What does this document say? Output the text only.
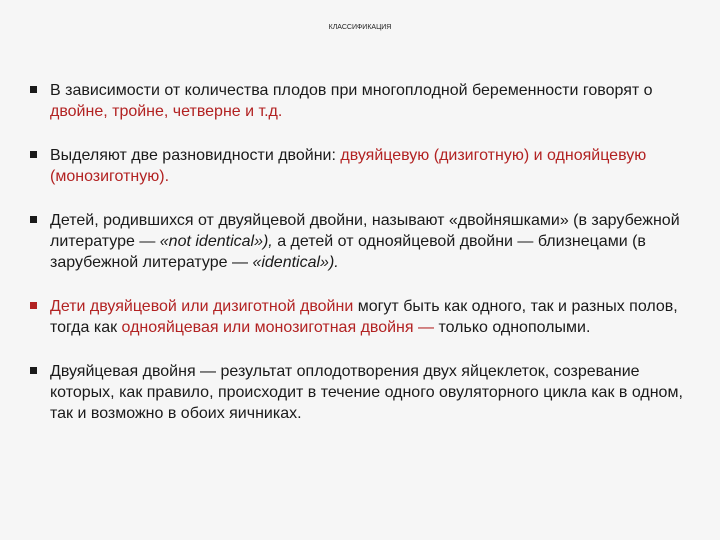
КЛАССИФИКАЦИЯ
В зависимости от количества плодов при многоплодной беременности говорят о двойне, тройне, четверне и т.д.
Выделяют две разновидности двойни: двуяйцевую (дизиготную) и однояйцевую (монозиготную).
Детей, родившихся от двуяйцевой двойни, называют «двойняшками» (в зарубежной литературе — «not identical»), а детей от однояйцевой двойни — близнецами (в зарубежной литературе — «identical»).
Дети двуяйцевой или дизиготной двойни могут быть как одного, так и разных полов, тогда как однояйцевая или монозиготная двойня — только однополыми.
Двуяйцевая двойня — результат оплодотворения двух яйцеклеток, созревание которых, как правило, происходит в течение одного овуляторного цикла как в одном, так и возможно в обоих яичниках.
